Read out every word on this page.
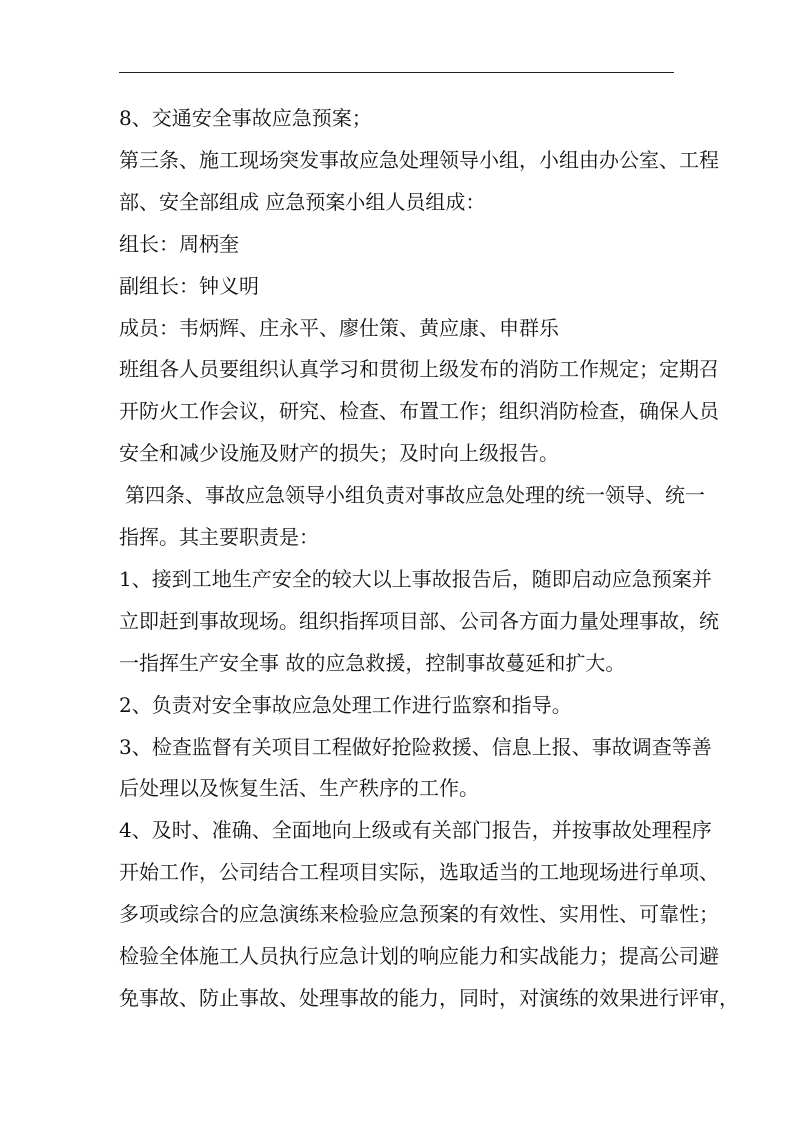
8、交通安全事故应急预案；
第三条、施工现场突发事故应急处理领导小组，小组由办公室、工程
部、安全部组成 应急预案小组人员组成：
组长：周柄奎
副组长：钟义明
成员：韦炳辉、庄永平、廖仕策、黄应康、申群乐
班组各人员要组织认真学习和贯彻上级发布的消防工作规定；定期召
开防火工作会议，研究、检查、布置工作；组织消防检查，确保人员
安全和减少设施及财产的损失；及时向上级报告。
第四条、事故应急领导小组负责对事故应急处理的统一领导、统一
指挥。其主要职责是：
1、接到工地生产安全的较大以上事故报告后，随即启动应急预案并
立即赶到事故现场。组织指挥项目部、公司各方面力量处理事故，统
一指挥生产安全事 故的应急救援，控制事故蔓延和扩大。
2、负责对安全事故应急处理工作进行监察和指导。
3、检查监督有关项目工程做好抢险救援、信息上报、事故调查等善
后处理以及恢复生活、生产秩序的工作。
4、及时、准确、全面地向上级或有关部门报告，并按事故处理程序
开始工作，公司结合工程项目实际，选取适当的工地现场进行单项、
多项或综合的应急演练来检验应急预案的有效性、实用性、可靠性；
检验全体施工人员执行应急计划的响应能力和实战能力；提高公司避
免事故、防止事故、处理事故的能力，同时，对演练的效果进行评审，
